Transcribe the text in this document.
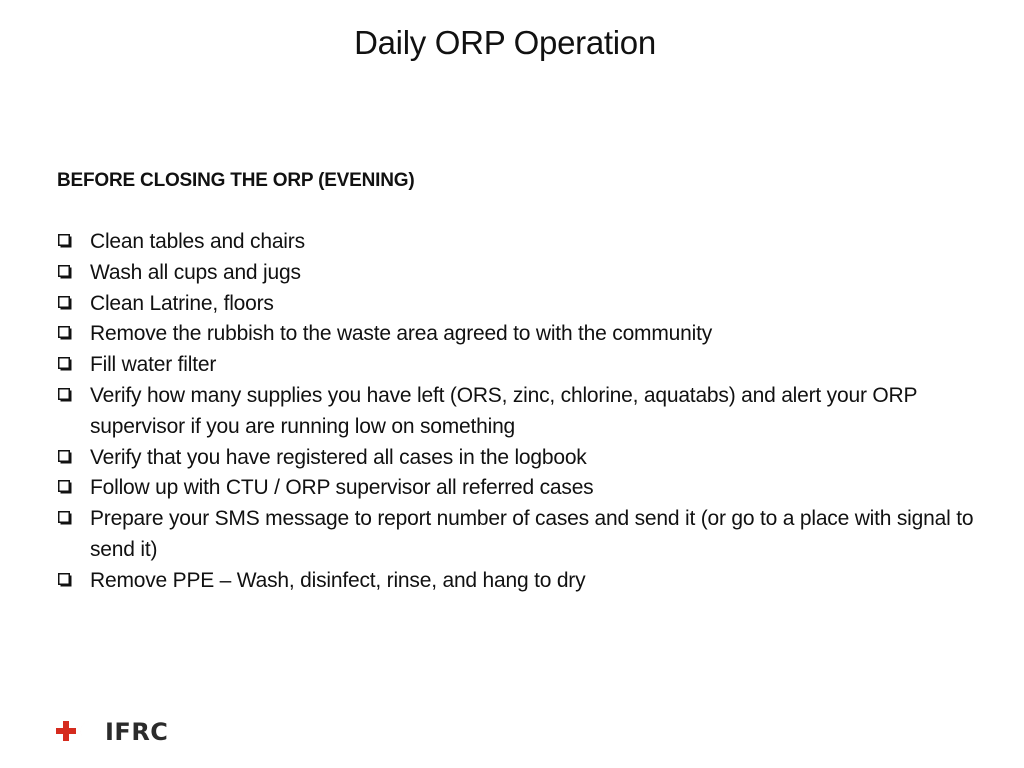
Daily ORP Operation
BEFORE CLOSING THE ORP (EVENING)
Clean tables and chairs
Wash all cups and jugs
Clean Latrine, floors
Remove the rubbish to the waste area agreed to with the community
Fill water filter
Verify how many supplies you have left (ORS, zinc, chlorine, aquatabs) and alert your ORP supervisor if you are running low on something
Verify that you have registered all cases in the logbook
Follow up with CTU / ORP supervisor all referred cases
Prepare your SMS message to report number of cases and send it (or go to a place with signal to send it)
Remove PPE – Wash, disinfect, rinse, and hang to dry
IFRC
